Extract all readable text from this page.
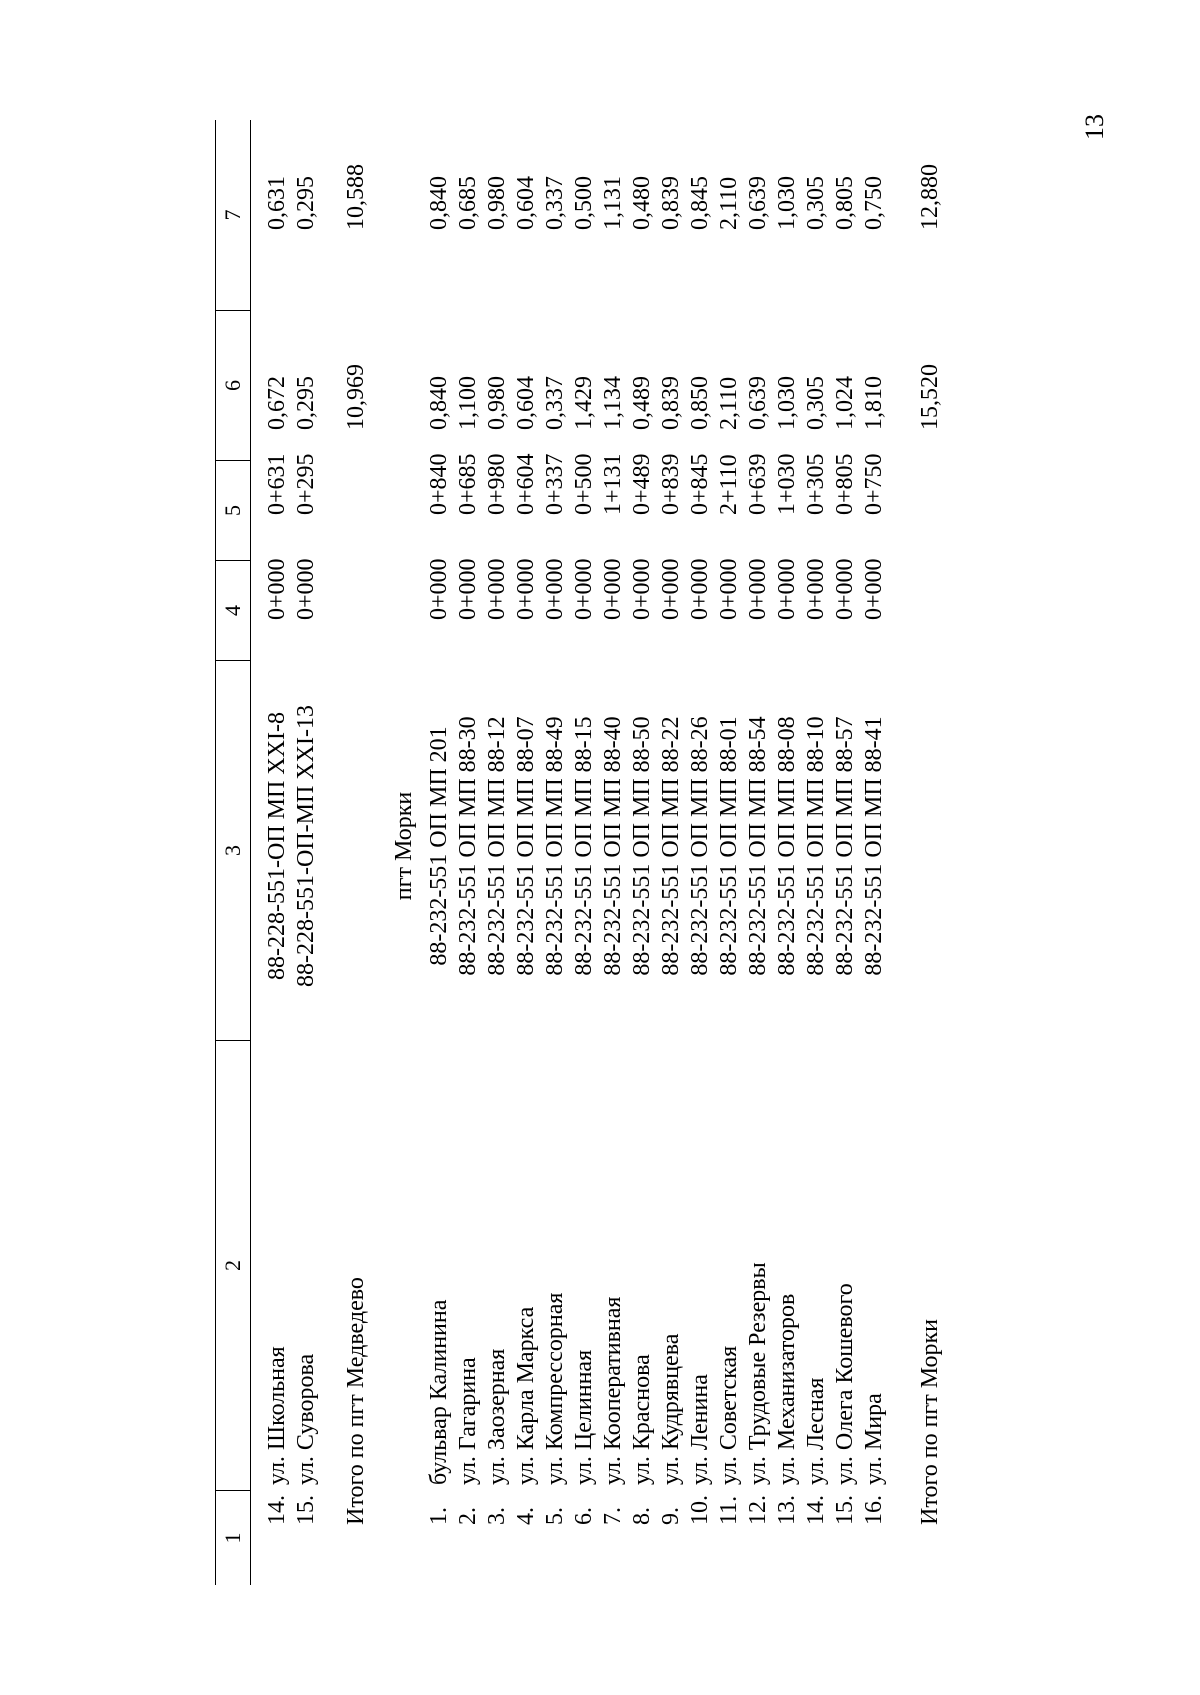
13
1
2
3
4
5
6
7
14.
ул. Школьная
88-228-551-ОП МП XXI-8
0+000
0+631
0,672
0,631
15.
ул. Суворова
88-228-551-ОП-МП XXI-13
0+000
0+295
0,295
0,295
Итого по пгт Медведево
10,969
10,588
пгт Морки
1.
бульвар Калинина
88-232-551 ОП МП 201
0+000
0+840
0,840
0,840
2.
ул. Гагарина
88-232-551 ОП МП 88-30
0+000
0+685
1,100
0,685
3.
ул. Заозерная
88-232-551 ОП МП 88-12
0+000
0+980
0,980
0,980
4.
ул. Карла Маркса
88-232-551 ОП МП 88-07
0+000
0+604
0,604
0,604
5.
ул. Компрессорная
88-232-551 ОП МП 88-49
0+000
0+337
0,337
0,337
6.
ул. Целинная
88-232-551 ОП МП 88-15
0+000
0+500
1,429
0,500
7.
ул. Кооперативная
88-232-551 ОП МП 88-40
0+000
1+131
1,134
1,131
8.
ул. Краснова
88-232-551 ОП МП 88-50
0+000
0+489
0,489
0,480
9.
ул. Кудрявцева
88-232-551 ОП МП 88-22
0+000
0+839
0,839
0,839
10.
ул. Ленина
88-232-551 ОП МП 88-26
0+000
0+845
0,850
0,845
11.
ул. Советская
88-232-551 ОП МП 88-01
0+000
2+110
2,110
2,110
12.
ул. Трудовые Резервы
88-232-551 ОП МП 88-54
0+000
0+639
0,639
0,639
13.
ул. Механизаторов
88-232-551 ОП МП 88-08
0+000
1+030
1,030
1,030
14.
ул. Лесная
88-232-551 ОП МП 88-10
0+000
0+305
0,305
0,305
15.
ул. Олега Кошевого
88-232-551 ОП МП 88-57
0+000
0+805
1,024
0,805
16.
ул. Мира
88-232-551 ОП МП 88-41
0+000
0+750
1,810
0,750
Итого по пгт Морки
15,520
12,880
